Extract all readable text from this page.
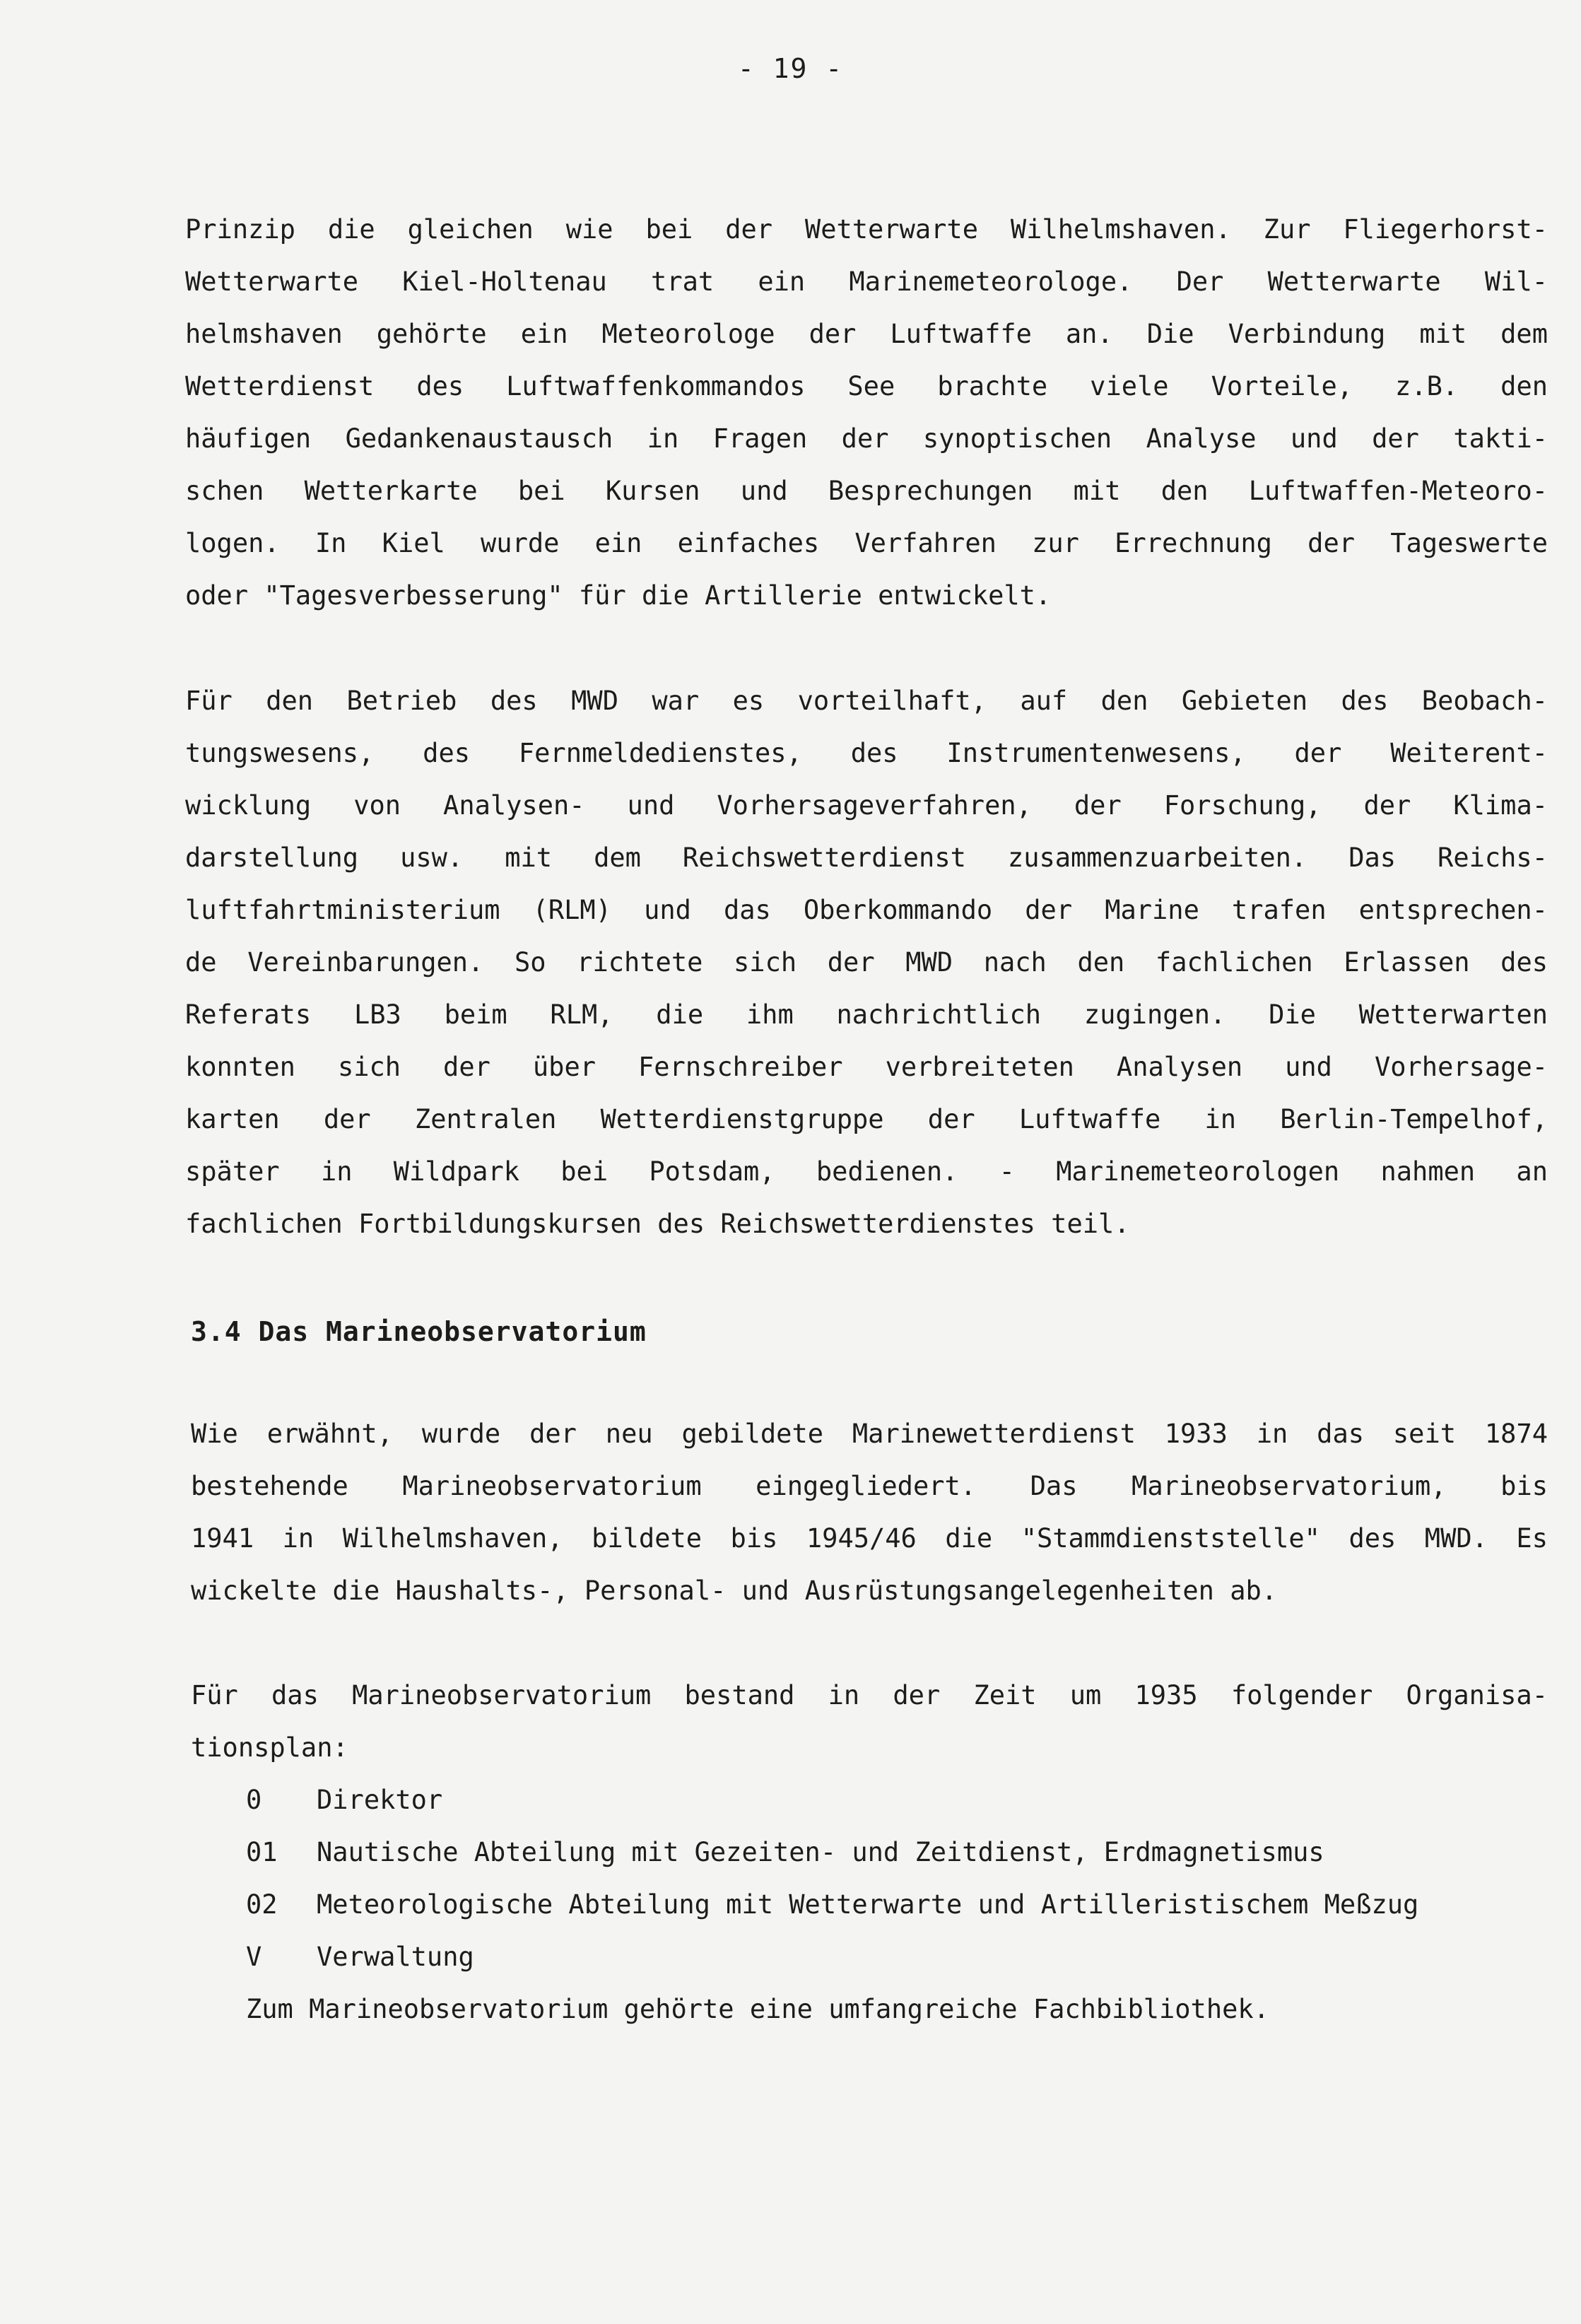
- 19 -
Prinzip die gleichen wie bei der Wetterwarte Wilhelmshaven. Zur Fliegerhorst-
Wetterwarte Kiel-Holtenau trat ein Marinemeteorologe. Der Wetterwarte Wil-
helmshaven gehörte ein Meteorologe der Luftwaffe an. Die Verbindung mit dem
Wetterdienst des Luftwaffenkommandos See brachte viele Vorteile, z.B. den
häufigen Gedankenaustausch in Fragen der synoptischen Analyse und der takti-
schen Wetterkarte bei Kursen und Besprechungen mit den Luftwaffen-Meteoro-
logen. In Kiel wurde ein einfaches Verfahren zur Errechnung der Tageswerte
oder "Tagesverbesserung" für die Artillerie entwickelt.
Für den Betrieb des MWD war es vorteilhaft, auf den Gebieten des Beobach-
tungswesens, des Fernmeldedienstes, des Instrumentenwesens, der Weiterent-
wicklung von Analysen- und Vorhersageverfahren, der Forschung, der Klima-
darstellung usw. mit dem Reichswetterdienst zusammenzuarbeiten. Das Reichs-
luftfahrtministerium (RLM) und das Oberkommando der Marine trafen entsprechen-
de Vereinbarungen. So richtete sich der MWD nach den fachlichen Erlassen des
Referats LB3 beim RLM, die ihm nachrichtlich zugingen. Die Wetterwarten
konnten sich der über Fernschreiber verbreiteten Analysen und Vorhersage-
karten der Zentralen Wetterdienstgruppe der Luftwaffe in Berlin-Tempelhof,
später in Wildpark bei Potsdam, bedienen. - Marinemeteorologen nahmen an
fachlichen Fortbildungskursen des Reichswetterdienstes teil.
3.4 Das Marineobservatorium
Wie erwähnt, wurde der neu gebildete Marinewetterdienst 1933 in das seit 1874
bestehende Marineobservatorium eingegliedert. Das Marineobservatorium, bis
1941 in Wilhelmshaven, bildete bis 1945/46 die "Stammdienststelle" des MWD. Es
wickelte die Haushalts-, Personal- und Ausrüstungsangelegenheiten ab.
Für das Marineobservatorium bestand in der Zeit um 1935 folgender Organisa-
tionsplan:
0	Direktor
01	Nautische Abteilung mit Gezeiten- und Zeitdienst, Erdmagnetismus
02	Meteorologische Abteilung mit Wetterwarte und Artilleristischem Meßzug
V	Verwaltung
Zum Marineobservatorium gehörte eine umfangreiche Fachbibliothek.
